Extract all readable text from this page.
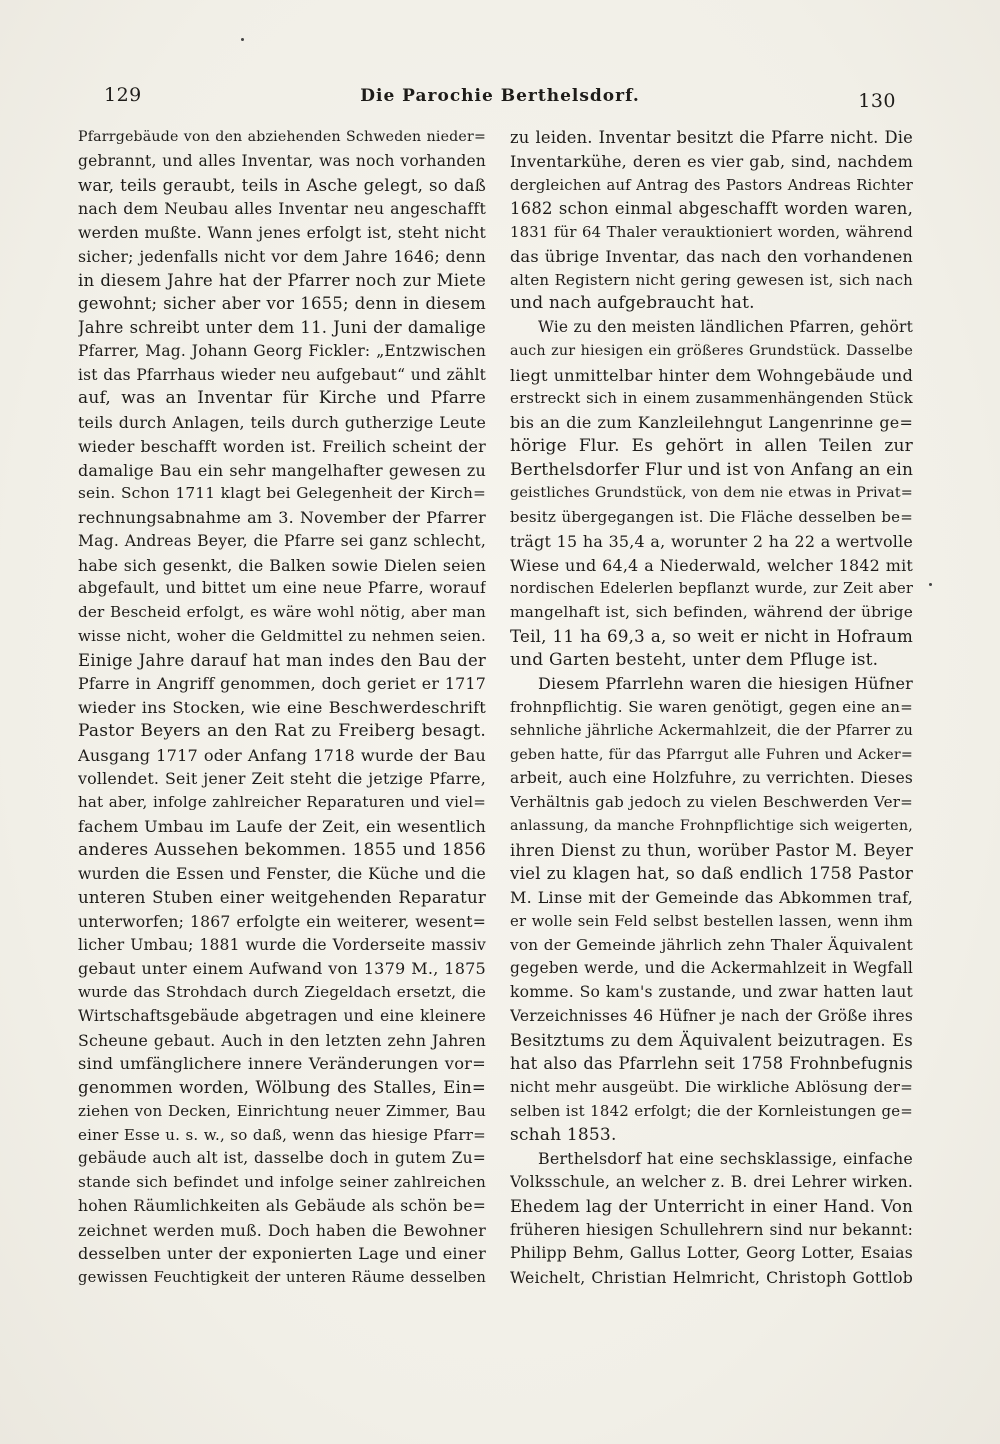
129	Die Parochie Berthelsdorf.	130
Pfarrgebäude von den abziehenden Schweden nieder=
gebrannt, und alles Inventar, was noch vorhanden
war, teils geraubt, teils in Asche gelegt, so daß
nach dem Neubau alles Inventar neu angeschafft
werden mußte. Wann jenes erfolgt ist, steht nicht
sicher; jedenfalls nicht vor dem Jahre 1646; denn
in diesem Jahre hat der Pfarrer noch zur Miete
gewohnt; sicher aber vor 1655; denn in diesem
Jahre schreibt unter dem 11. Juni der damalige
Pfarrer, Mag. Johann Georg Fickler: „Entzwischen
ist das Pfarrhaus wieder neu aufgebaut“ und zählt
auf, was an Inventar für Kirche und Pfarre
teils durch Anlagen, teils durch gutherzige Leute
wieder beschafft worden ist. Freilich scheint der
damalige Bau ein sehr mangelhafter gewesen zu
sein. Schon 1711 klagt bei Gelegenheit der Kirch=
rechnungsabnahme am 3. November der Pfarrer
Mag. Andreas Beyer, die Pfarre sei ganz schlecht,
habe sich gesenkt, die Balken sowie Dielen seien
abgefault, und bittet um eine neue Pfarre, worauf
der Bescheid erfolgt, es wäre wohl nötig, aber man
wisse nicht, woher die Geldmittel zu nehmen seien.
Einige Jahre darauf hat man indes den Bau der
Pfarre in Angriff genommen, doch geriet er 1717
wieder ins Stocken, wie eine Beschwerdeschrift
Pastor Beyers an den Rat zu Freiberg besagt.
Ausgang 1717 oder Anfang 1718 wurde der Bau
vollendet. Seit jener Zeit steht die jetzige Pfarre,
hat aber, infolge zahlreicher Reparaturen und viel=
fachem Umbau im Laufe der Zeit, ein wesentlich
anderes Aussehen bekommen. 1855 und 1856
wurden die Essen und Fenster, die Küche und die
unteren Stuben einer weitgehenden Reparatur
unterworfen; 1867 erfolgte ein weiterer, wesent=
licher Umbau; 1881 wurde die Vorderseite massiv
gebaut unter einem Aufwand von 1379 M., 1875
wurde das Strohdach durch Ziegeldach ersetzt, die
Wirtschaftsgebäude abgetragen und eine kleinere
Scheune gebaut. Auch in den letzten zehn Jahren
sind umfänglichere innere Veränderungen vor=
genommen worden, Wölbung des Stalles, Ein=
ziehen von Decken, Einrichtung neuer Zimmer, Bau
einer Esse u. s. w., so daß, wenn das hiesige Pfarr=
gebäude auch alt ist, dasselbe doch in gutem Zu=
stande sich befindet und infolge seiner zahlreichen
hohen Räumlichkeiten als Gebäude als schön be=
zeichnet werden muß. Doch haben die Bewohner
desselben unter der exponierten Lage und einer
gewissen Feuchtigkeit der unteren Räume desselben
zu leiden. Inventar besitzt die Pfarre nicht. Die
Inventarkühe, deren es vier gab, sind, nachdem
dergleichen auf Antrag des Pastors Andreas Richter
1682 schon einmal abgeschafft worden waren,
1831 für 64 Thaler verauktioniert worden, während
das übrige Inventar, das nach den vorhandenen
alten Registern nicht gering gewesen ist, sich nach
und nach aufgebraucht hat.
Wie zu den meisten ländlichen Pfarren, gehört
auch zur hiesigen ein größeres Grundstück. Dasselbe
liegt unmittelbar hinter dem Wohngebäude und
erstreckt sich in einem zusammenhängenden Stück
bis an die zum Kanzleilehngut Langenrinne ge=
hörige Flur. Es gehört in allen Teilen zur
Berthelsdorfer Flur und ist von Anfang an ein
geistliches Grundstück, von dem nie etwas in Privat=
besitz übergegangen ist. Die Fläche desselben be=
trägt 15 ha 35,4 a, worunter 2 ha 22 a wertvolle
Wiese und 64,4 a Niederwald, welcher 1842 mit
nordischen Edelerlen bepflanzt wurde, zur Zeit aber
mangelhaft ist, sich befinden, während der übrige
Teil, 11 ha 69,3 a, so weit er nicht in Hofraum
und Garten besteht, unter dem Pfluge ist.
Diesem Pfarrlehn waren die hiesigen Hüfner
frohnpflichtig. Sie waren genötigt, gegen eine an=
sehnliche jährliche Ackermahlzeit, die der Pfarrer zu
geben hatte, für das Pfarrgut alle Fuhren und Acker=
arbeit, auch eine Holzfuhre, zu verrichten. Dieses
Verhältnis gab jedoch zu vielen Beschwerden Ver=
anlassung, da manche Frohnpflichtige sich weigerten,
ihren Dienst zu thun, worüber Pastor M. Beyer
viel zu klagen hat, so daß endlich 1758 Pastor
M. Linse mit der Gemeinde das Abkommen traf,
er wolle sein Feld selbst bestellen lassen, wenn ihm
von der Gemeinde jährlich zehn Thaler Äquivalent
gegeben werde, und die Ackermahlzeit in Wegfall
komme. So kam's zustande, und zwar hatten laut
Verzeichnisses 46 Hüfner je nach der Größe ihres
Besitztums zu dem Äquivalent beizutragen. Es
hat also das Pfarrlehn seit 1758 Frohnbefugnis
nicht mehr ausgeübt. Die wirkliche Ablösung der=
selben ist 1842 erfolgt; die der Kornleistungen ge=
schah 1853.
Berthelsdorf hat eine sechsklassige, einfache
Volksschule, an welcher z. B. drei Lehrer wirken.
Ehedem lag der Unterricht in einer Hand. Von
früheren hiesigen Schullehrern sind nur bekannt:
Philipp Behm, Gallus Lotter, Georg Lotter, Esaias
Weichelt, Christian Helmricht, Christoph Gottlob
